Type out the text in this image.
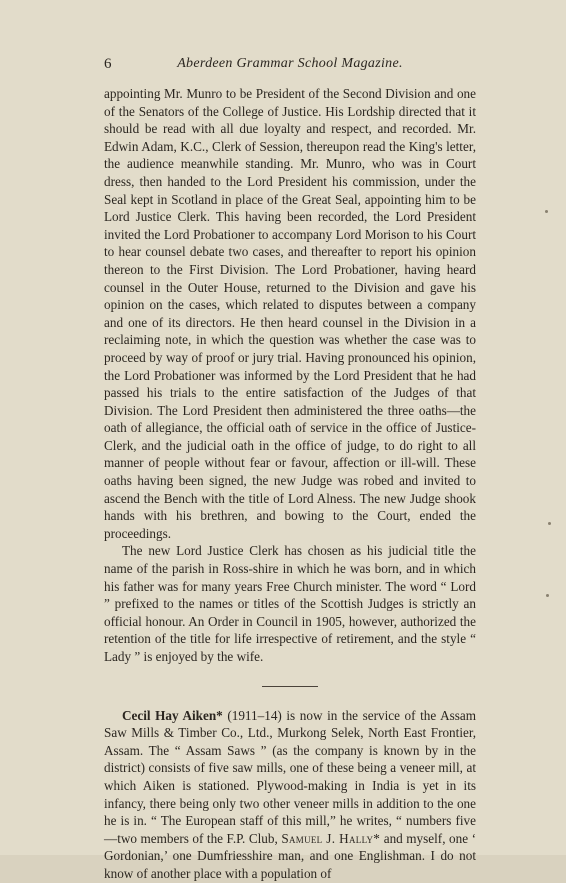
6	Aberdeen Grammar School Magazine.

appointing Mr. Munro to be President of the Second Division and one of the Senators of the College of Justice. His Lordship directed that it should be read with all due loyalty and respect, and recorded. Mr. Edwin Adam, K.C., Clerk of Session, thereupon read the King's letter, the audience meanwhile standing. Mr. Munro, who was in Court dress, then handed to the Lord President his commission, under the Seal kept in Scotland in place of the Great Seal, appointing him to be Lord Justice Clerk. This having been recorded, the Lord President invited the Lord Probationer to accompany Lord Morison to his Court to hear counsel debate two cases, and thereafter to report his opinion thereon to the First Division. The Lord Probationer, having heard counsel in the Outer House, returned to the Division and gave his opinion on the cases, which related to disputes between a company and one of its directors. He then heard counsel in the Division in a reclaiming note, in which the question was whether the case was to proceed by way of proof or jury trial. Having pronounced his opinion, the Lord Probationer was informed by the Lord President that he had passed his trials to the entire satisfaction of the Judges of that Division. The Lord President then administered the three oaths—the oath of allegiance, the official oath of service in the office of Justice-Clerk, and the judicial oath in the office of judge, to do right to all manner of people without fear or favour, affection or ill-will. These oaths having been signed, the new Judge was robed and invited to ascend the Bench with the title of Lord Alness. The new Judge shook hands with his brethren, and bowing to the Court, ended the proceedings.

The new Lord Justice Clerk has chosen as his judicial title the name of the parish in Ross-shire in which he was born, and in which his father was for many years Free Church minister. The word “ Lord ” prefixed to the names or titles of the Scottish Judges is strictly an official honour. An Order in Council in 1905, however, authorized the retention of the title for life irrespective of retirement, and the style “ Lady ” is enjoyed by the wife.

Cecil Hay Aiken* (1911–14) is now in the service of the Assam Saw Mills & Timber Co., Ltd., Murkong Selek, North East Frontier, Assam. The “ Assam Saws ” (as the company is known by in the district) consists of five saw mills, one of these being a veneer mill, at which Aiken is stationed. Plywood-making in India is yet in its infancy, there being only two other veneer mills in addition to the one he is in. “ The European staff of this mill,” he writes, “ numbers five—two members of the F.P. Club, Samuel J. Hally* and myself, one ‘ Gordonian,’ one Dumfriesshire man, and one Englishman. I do not know of another place with a population of
